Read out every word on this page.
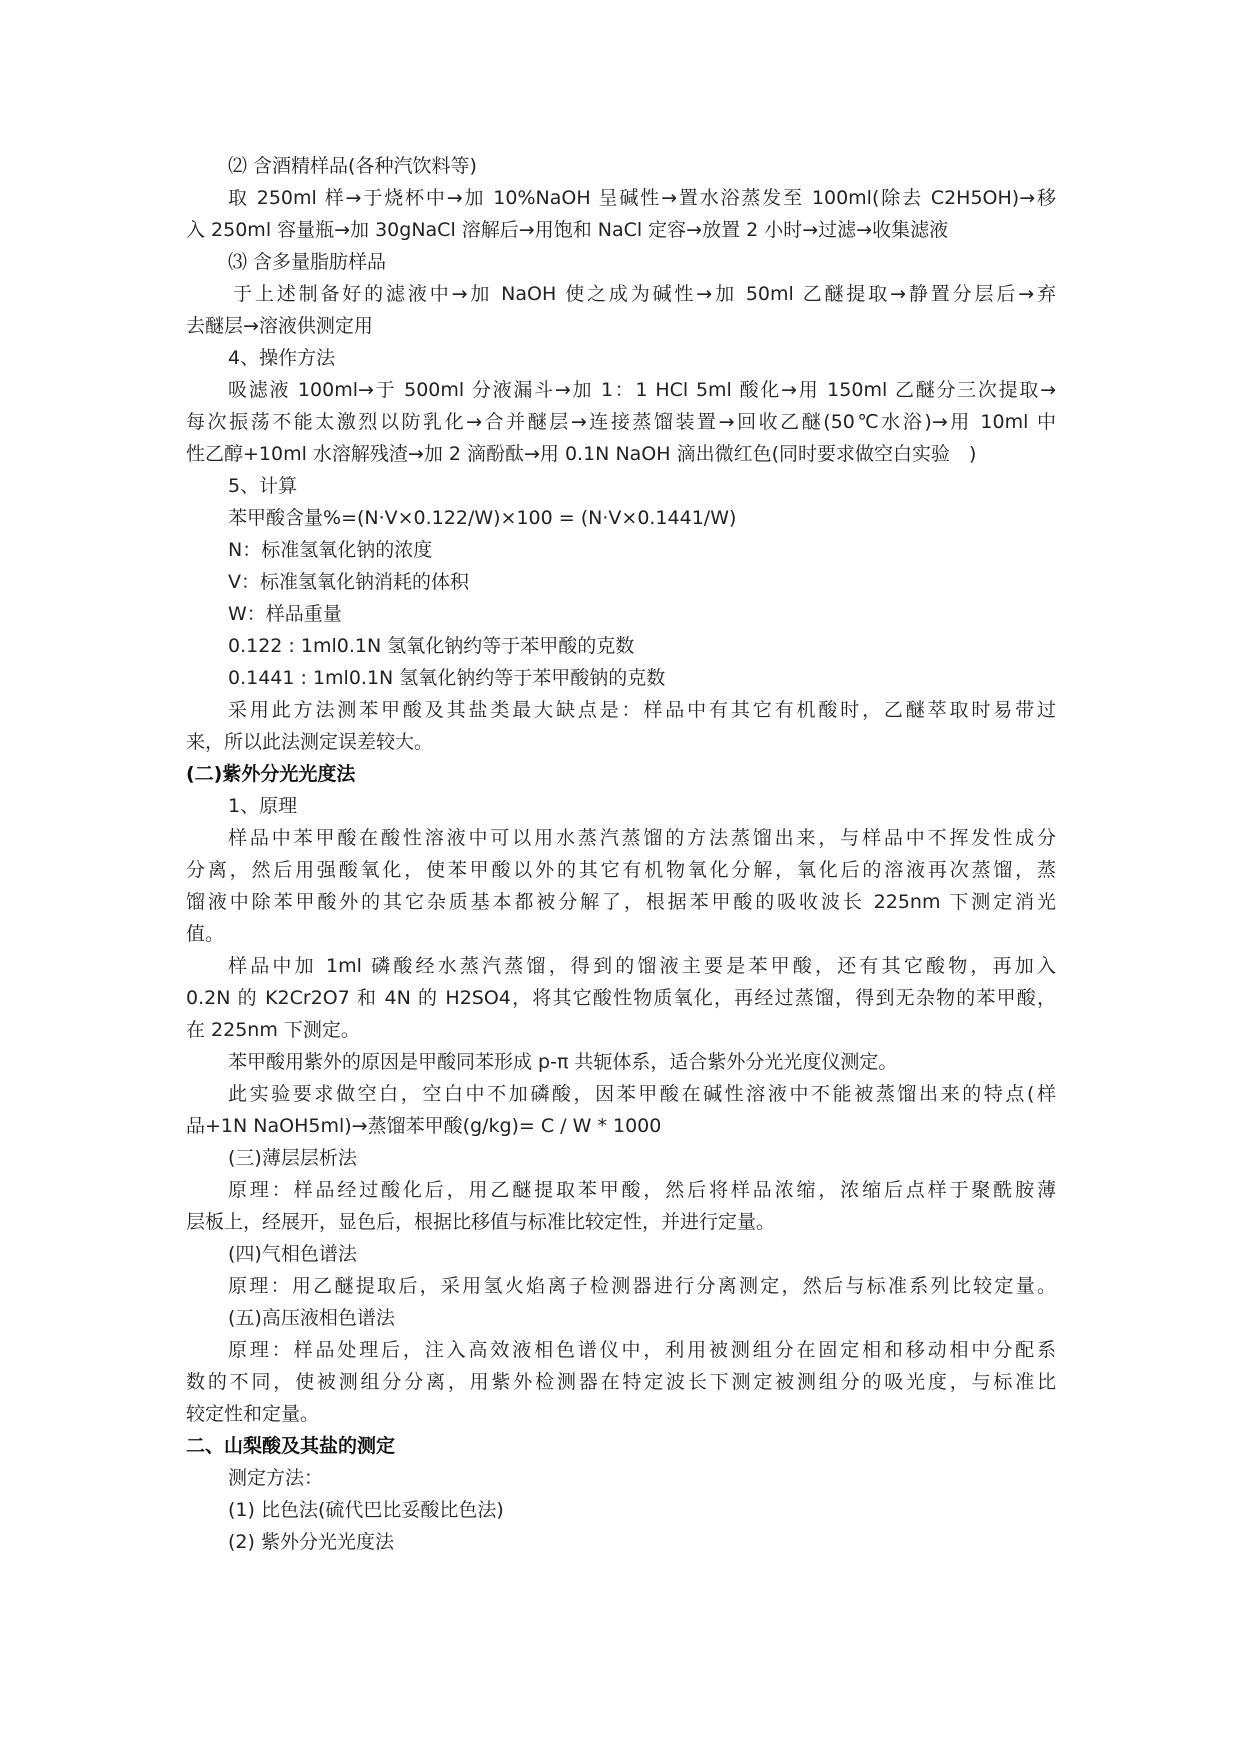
⑵ 含酒精样品(各种汽饮料等)
取 250ml 样→于烧杯中→加 10%NaOH 呈碱性→置水浴蒸发至 100ml(除去 C2H5OH)→移
入 250ml 容量瓶→加 30gNaCl 溶解后→用饱和 NaCl 定容→放置 2 小时→过滤→收集滤液
⑶ 含多量脂肪样品
于上述制备好的滤液中→加 NaOH 使之成为碱性→加 50ml 乙醚提取→静置分层后→弃
去醚层→溶液供测定用
4、操作方法
吸滤液 100ml→于 500ml 分液漏斗→加 1：1 HCl 5ml 酸化→用 150ml 乙醚分三次提取→
每次振荡不能太激烈以防乳化→合并醚层→连接蒸馏装置→回收乙醚(50℃水浴)→用 10ml 中
性乙醇+10ml 水溶解残渣→加 2 滴酚酞→用 0.1N NaOH 滴出微红色(同时要求做空白实验　)
5、计算
苯甲酸含量%=(N·V×0.122/W)×100 = (N·V×0.1441/W)
N：标准氢氧化钠的浓度
V：标准氢氧化钠消耗的体积
W：样品重量
0.122 : 1ml0.1N 氢氧化钠约等于苯甲酸的克数
0.1441 : 1ml0.1N 氢氧化钠约等于苯甲酸钠的克数
采用此方法测苯甲酸及其盐类最大缺点是：样品中有其它有机酸时，乙醚萃取时易带过
来，所以此法测定误差较大。
(二)紫外分光光度法
1、原理
样品中苯甲酸在酸性溶液中可以用水蒸汽蒸馏的方法蒸馏出来，与样品中不挥发性成分
分离，然后用强酸氧化，使苯甲酸以外的其它有机物氧化分解，氧化后的溶液再次蒸馏，蒸
馏液中除苯甲酸外的其它杂质基本都被分解了，根据苯甲酸的吸收波长 225nm 下测定消光
值。
样品中加 1ml 磷酸经水蒸汽蒸馏，得到的馏液主要是苯甲酸，还有其它酸物，再加入
0.2N 的 K2Cr2O7 和 4N 的 H2SO4，将其它酸性物质氧化，再经过蒸馏，得到无杂物的苯甲酸，
在 225nm 下测定。
苯甲酸用紫外的原因是甲酸同苯形成 p-π 共轭体系，适合紫外分光光度仪测定。
此实验要求做空白，空白中不加磷酸，因苯甲酸在碱性溶液中不能被蒸馏出来的特点(样
品+1N NaOH5ml)→蒸馏苯甲酸(g/kg)= C / W * 1000
(三)薄层层析法
原理：样品经过酸化后，用乙醚提取苯甲酸，然后将样品浓缩，浓缩后点样于聚酰胺薄
层板上，经展开，显色后，根据比移值与标准比较定性，并进行定量。
(四)气相色谱法
原理：用乙醚提取后，采用氢火焰离子检测器进行分离测定，然后与标准系列比较定量。
(五)高压液相色谱法
原理：样品处理后，注入高效液相色谱仪中，利用被测组分在固定相和移动相中分配系
数的不同，使被测组分分离，用紫外检测器在特定波长下测定被测组分的吸光度，与标准比
较定性和定量。
二、山梨酸及其盐的测定
测定方法：
(1) 比色法(硫代巴比妥酸比色法)
(2) 紫外分光光度法
